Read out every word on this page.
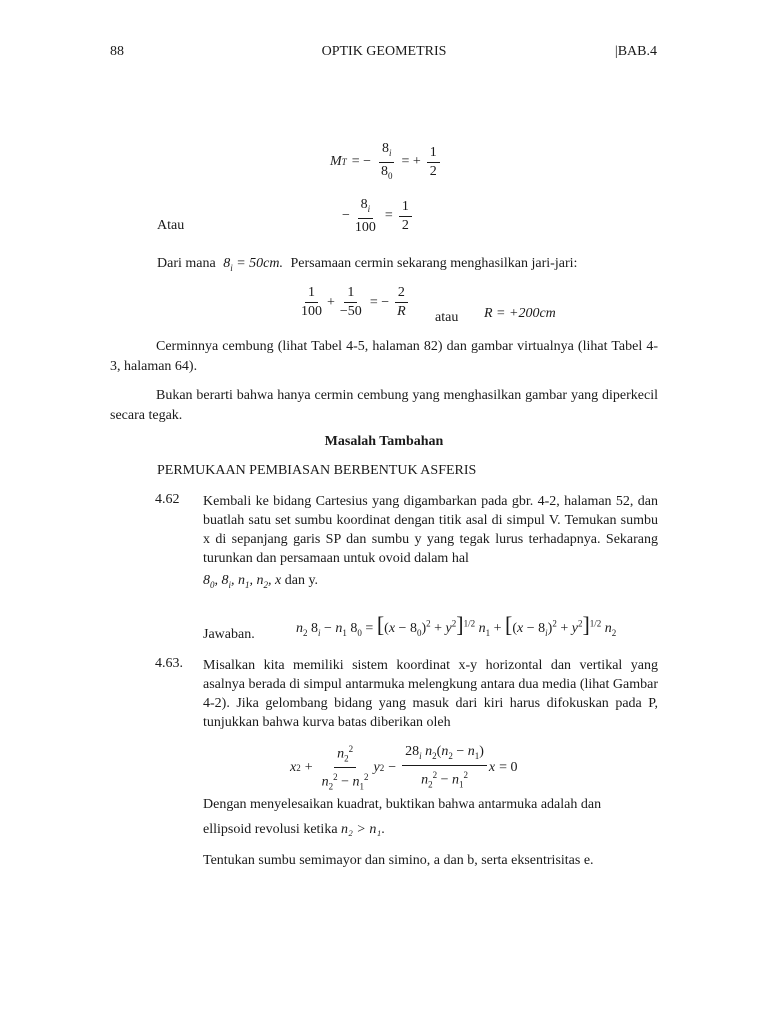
88	OPTIK GEOMETRIS	|BAB.4
M T = − $\frac{8_i}{8_0}$ = + $\frac{1}{2}$
Atau
− $\frac{8_i}{100} = \frac{1}{2}$
Dari mana $8_i = 50cm$. Persamaan cermin sekarang menghasilkan jari-jari:
$\frac{1}{100} + \frac{1}{-50}$ = − $\frac{2}{R}$ atau R = +200cm
Cerminnya cembung (lihat Tabel 4-5, halaman 82) dan gambar virtualnya (lihat Tabel 4-3, halaman 64).
Bukan berarti bahwa hanya cermin cembung yang menghasilkan gambar yang diperkecil secara tegak.
Masalah Tambahan
PERMUKAAN PEMBIASAN BERBENTUK ASFERIS
4.62 Kembali ke bidang Cartesius yang digambarkan pada gbr. 4-2, halaman 52, dan buatlah satu set sumbu koordinat dengan titik asal di simpul V. Temukan sumbu x di sepanjang garis SP dan sumbu y yang tegak lurus terhadapnya. Sekarang turunkan dan persamaan untuk ovoid dalam hal
$8_0$, $8_i$, $n_1$, $n_2$, x dan y.
Jawaban.	$n_2$ $8_i - n_1$ $8_0 = [(x - 8_0)^2 + y^2]^{1/2}$ $n_1 + [(x - 8_i)^2 + y^2]^{1/2}$ $n_2$
4.63. Misalkan kita memiliki sistem koordinat x-y horizontal dan vertikal yang asalnya berada di simpul antarmuka melengkung antara dua media (lihat Gambar 4-2). Jika gelombang bidang yang masuk dari kiri harus difokuskan pada P, tunjukkan bahwa kurva batas diberikan oleh
x $2 + \frac{n_2^2}{n_2^2 - n_1^2}$ y $2 - \frac{28_i n_2(n_2 - n_1)}{n_2^2 - n_1^2}$ x = 0
Dengan menyelesaikan kuadrat, buktikan bahwa antarmuka adalah dan
ellipsoid revolusi ketika n₂ > n₁.
Tentukan sumbu semimayor dan simino, a dan b, serta eksentrisitas e.
